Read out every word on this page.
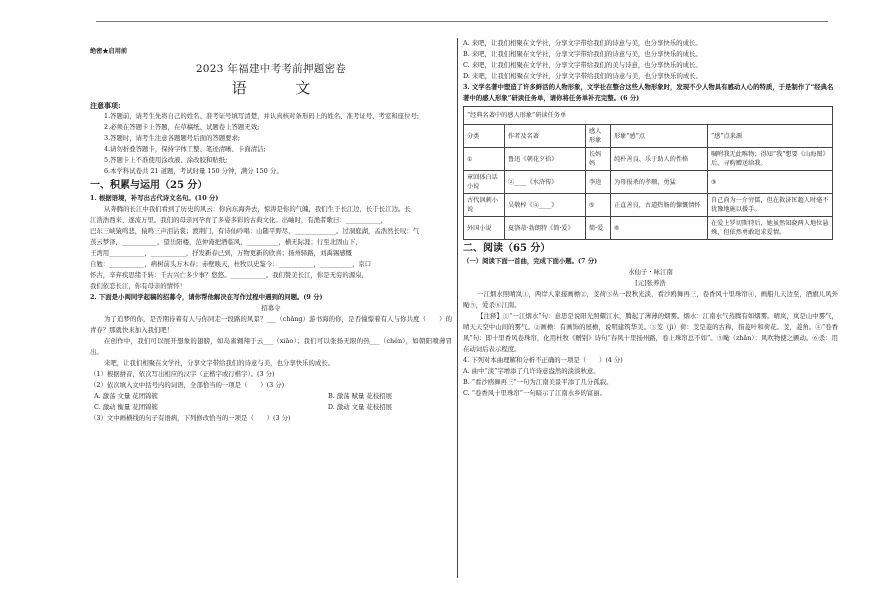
绝密★启用前
2023 年福建中考考前押题密卷
语 文
注意事项:
1.答题前，请考生先将自己的姓名、准考证号填写清楚，并认真核对条形码上的姓名、准考证号、考室和座位号;
2.必须在答题卡上答题，在草稿纸、试题卷上答题无效;
3.答题时，请考生注意各题题号后面的答题要求;
4.请勿折叠答题卡，保持字体工整、笔迹清晰、卡面清洁;
5.答题卡上不准使用涂改液、涂改胶和贴纸;
6.本学科试卷共 21 道题，考试时量 150 分钟，满分 150 分。
一、积累与运用（25 分）
1. 根据语境，补写出古代诗文名句。(10 分)
从奔腾的长江中我们看到了历史的风云：你向东海奔去，惊涛是你的气魄，我们生于长江边，长于长江边。长
江浩浩西来，逐流万里。我们的母亲河孕育了多姿多彩的古典文化。出岫时，有渔者歌曰：___________，
巴东三峡猿鸣悲，猿鸣三声泪沾裳；渡荆门，有诗仙吟唱：山随平野尽，_____________。过洞庭湖，孟浩然长叹：气
蒸云梦泽，___________。望岳阳楼，范仲淹把酒临风，__________，横无际涯；行至北固山下，
王湾用___________，___________，抒发新春已到，万物更新的欣喜；扬州驿路，刘禹锡感慨
自勉：___________，病树前头万木春；赤壁映天，杜牧以史鉴今：___________，__________，京口
怀古，辛弃疾思绪千转：千古兴亡多少事？悠悠。___________。我们赞美长江，你是无穷的源泉，
我们依恋长江，你有母亲的情怀！
2. 下面是小闽同学起稿的招募令，请你帮他解决在写作过程中遇到的问题。(9 分)
招募令
为了追梦的你，是否期待着有人与你同走一段路的风景？___（chǎng）游书海的你，是否憧憬着有人与你共度（　　）的青春？那就快来加入我们吧！
在创作中，我们可以展开想象的翅膀，如岛雀翱翔于云___（xiāo）；我们可以张扬无限的热___（chén），如朝阳喷薄冒出。
来吧，让我们相聚在文学社，分享文字带给我们的诗意与美，也分享快乐的成长。
（1）根据拼音，依次写出相应的汉字（正楷字或行楷字）。(3 分)
（2）依次填入文中括号内的词语，全部恰当的一项是（　　）(3 分)
A. 激荡 文量 花团锦簇	B. 激荡 赋量 花枝招展
C. 激动 衡量 花团锦簇	D. 激动 文量 花枝招展
（3）文中画横线的句子有语病，下列修改恰当的一项是（　　）(3 分)
A. 来吧，让我们相聚在文学社，分享文字带给我们的诗意与美，也分享快乐的成长。
B. 来吧，让我们相聚在文学社，分享文字带给我们的诗意与美，也分享快乐的成长。
C. 来吧，让我们相聚在文学社，分享文字带给我们的美与诗意，也分享快乐的成长。
D. 来吧，让我们相聚在文学社，分享文字带给我们的诗意与美，也分享快乐的成长。
3. 文学名著中塑造了许多鲜活的人物形象，文学社在整合这些人物形象时，发现不少人物具有感动人心的特质，于是制作了“经典名著中的感人形象”研读任务单，请你将任务单补充完整。(6 分)
“经典名著中的感人形象”研读任务单				
分类	作者及名著	感人形象	形象“感”点	“感”点来源
①	鲁迅《朝花夕拾》	长妈妈	纯朴善良、乐于助人的性格	嘱咐我无此唯物；得知“我”想要《山海图》后，寻购赠送给我。
章回体白话小说	②____《水浒传》	李逵	为母报杀的孝顺，勇猛	③
古代讽刺小说	吴敬梓《④____》	⑤	正直善良，古道热肠的慷慨情怀	自己尚为一介穷儒，但在救济匡超人时毫不犹豫地施以援手。
外国小说	夏洛蒂·勃朗特《简·爱》	简·爱	⑥	在爱上罗切斯特后，她虽然知晓两人地位悬殊，但依然勇敢追求爱情。
二、阅读（65 分）
（一）阅读下面一首曲，完成下面小题。(7 分)
水仙子・咏江南
[元]张养浩
一江烟水照晴岚①，两岸人家接画檐②，芰荷③丛一段秋光淡，看沙鸥舞再三，卷香风十里珠帘④，画船儿天边至，酒旗儿风外飐⑤，爱杀⑥江南。
【注释】①“一江烟水”句：意思是说阳光照耀江水，腾起了薄薄的烟雾。烟水：江南水气蒸腾有如烟雾。晴岚，岚是山中雾气，晴天天空中山间的雾气。②画檐：有画饰的屋檐，说明建筑华美。③芰（jì）荷：芰是菱的古称，指菱叶和荷花。芰，菱角。④“卷香风”句：即十里香风卷珠帘，化用杜牧《赠别》诗句“春风十里扬州路，卷上珠帘总不如”。⑤飐（zhǎn）：风吹物使之颤动。⑥杀：用在动词后表示程度。
4. 下列对本曲理解和分析不正确的一项是（　　）(4 分)
A. 曲中“淡”字增添了几许诗意盎然的淡淡秋意。
B. “看沙鸥舞再三”一句为江南美景平添了几分孤寂。
C. “卷香风十里珠帘”一句暗示了江南水乡的富丽。
